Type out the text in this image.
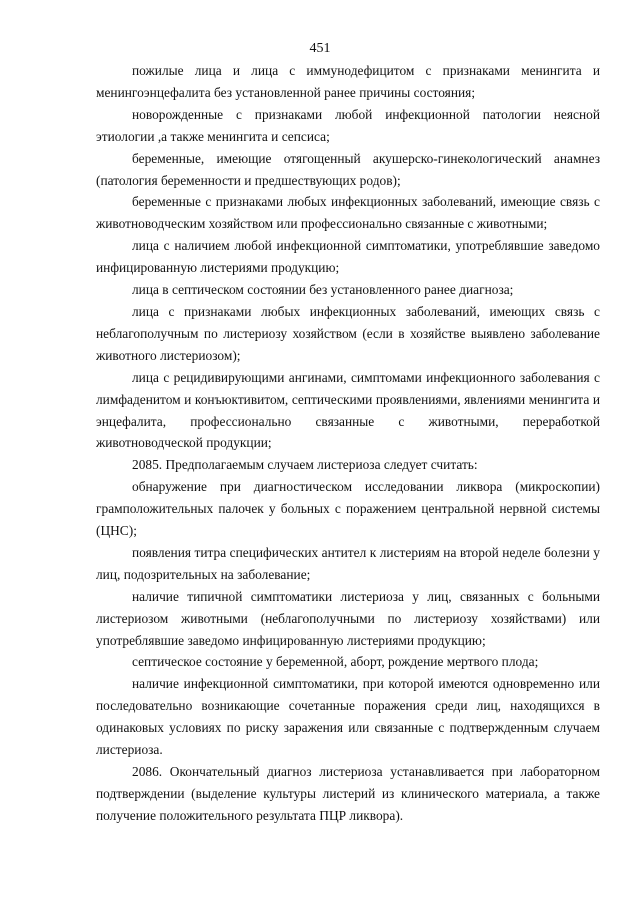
451

пожилые лица и лица с иммунодефицитом с признаками менингита и менингоэнцефалита без установленной ранее причины состояния;

новорожденные с признаками любой инфекционной патологии неясной этиологии ,а также менингита и сепсиса;

беременные, имеющие отягощенный акушерско-гинекологический анамнез (патология беременности и предшествующих родов);

беременные с признаками любых инфекционных заболеваний, имеющие связь с животноводческим хозяйством или профессионально связанные с животными;

лица с наличием любой инфекционной симптоматики, употреблявшие заведомо инфицированную листериями продукцию;

лица в септическом состоянии без установленного ранее диагноза;

лица с признаками любых инфекционных заболеваний, имеющих связь с неблагополучным по листериозу хозяйством (если в хозяйстве выявлено заболевание животного листериозом);

лица с рецидивирующими ангинами, симптомами инфекционного заболевания с лимфаденитом и конъюктивитом, септическими проявлениями, явлениями менингита и энцефалита, профессионально связанные с животными, переработкой животноводческой продукции;

2085. Предполагаемым случаем листериоза следует считать:

обнаружение при диагностическом исследовании ликвора (микроскопии) грамположительных палочек у больных с поражением центральной нервной системы (ЦНС);

появления титра специфических антител к листериям на второй неделе болезни у лиц, подозрительных на заболевание;

наличие типичной симптоматики листериоза у лиц, связанных с больными листериозом животными (неблагополучными по листериозу хозяйствами) или употреблявшие заведомо инфицированную листериями продукцию;

септическое состояние у беременной, аборт, рождение мертвого плода;

наличие инфекционной симптоматики, при которой имеются одновременно или последовательно возникающие сочетанные поражения среди лиц, находящихся в одинаковых условиях по риску заражения или связанные с подтвержденным случаем листериоза.

2086. Окончательный диагноз листериоза устанавливается при лабораторном подтверждении (выделение культуры листерий из клинического материала, а также получение положительного результата ПЦР ликвора).
